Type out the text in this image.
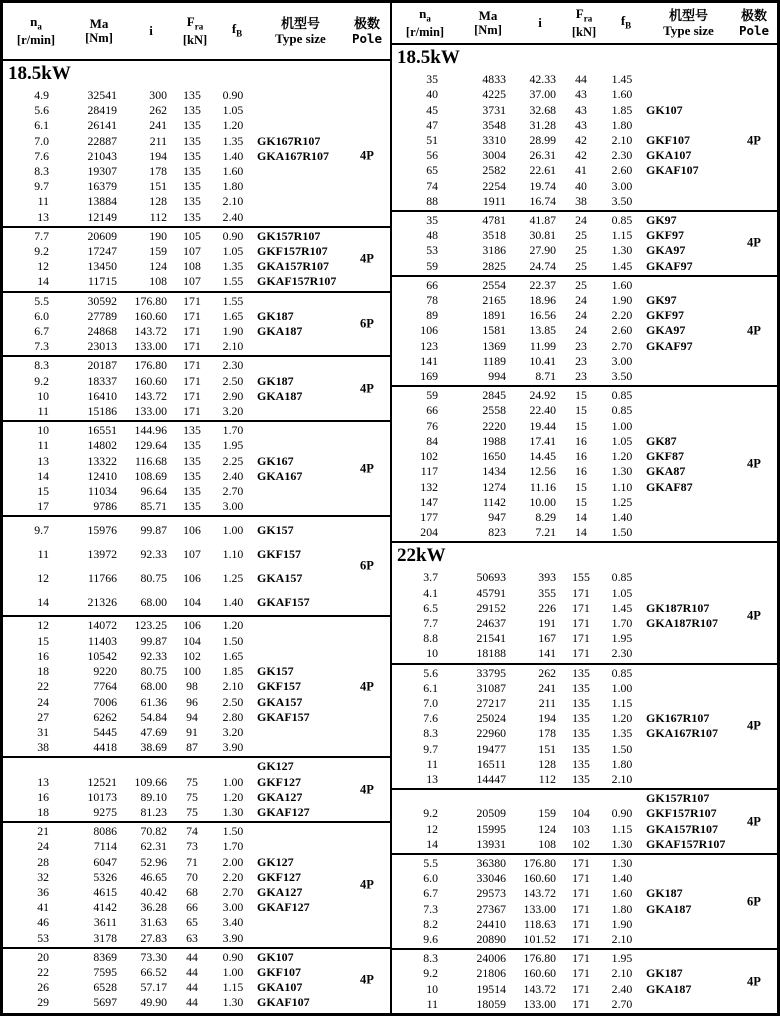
$n_a$
[r/min]
Ma
[Nm]	i
$F_{ra}$
[kN]
$f_B$
机型号
Type size
极数
Pole
18.5kW
4.9	32541	300	135	0.90
5.6	28419	262	135	1.05
6.1	26141	241	135	1.20
7.0	22887	211	135	1.35	GK167R107
7.6	21043	194	135	1.40	GKA167R107
8.3	19307	178	135	1.60
9.7	16379	151	135	1.80
11	13884	128	135	2.10
13	12149	112	135	2.40
4P
7.7	20609	190	105	0.90	GK157R107
9.2	17247	159	107	1.05	GKF157R107
12	13450	124	108	1.35	GKA157R107
14	11715	108	107	1.55	GKAF157R107
4P
5.5	30592	176.80	171	1.55
6.0	27789	160.60	171	1.65	GK187
6.7	24868	143.72	171	1.90	GKA187
7.3	23013	133.00	171	2.10
6P
8.3	20187	176.80	171	2.30
9.2	18337	160.60	171	2.50	GK187
10	16410	143.72	171	2.90	GKA187
11	15186	133.00	171	3.20
4P
10	16551	144.96	135	1.70
11	14802	129.64	135	1.95
13	13322	116.68	135	2.25	GK167
14	12410	108.69	135	2.40	GKA167
15	11034	96.64	135	2.70
17	9786	85.71	135	3.00
4P
9.7	15976	99.87	106	1.00	GK157
11	13972	92.33	107	1.10	GKF157
12	11766	80.75	106	1.25	GKA157
14	21326	68.00	104	1.40	GKAF157
6P
12	14072	123.25	106	1.20
15	11403	99.87	104	1.50
16	10542	92.33	102	1.65
18	9220	80.75	100	1.85	GK157
22	7764	68.00	98	2.10	GKF157
24	7006	61.36	96	2.50	GKA157
27	6262	54.84	94	2.80	GKAF157
31	5445	47.69	91	3.20
38	4418	38.69	87	3.90
4P
GK127
13	12521	109.66	75	1.00	GKF127
16	10173	89.10	75	1.20	GKA127
18	9275	81.23	75	1.30	GKAF127
4P
21	8086	70.82	74	1.50
24	7114	62.31	73	1.70
28	6047	52.96	71	2.00	GK127
32	5326	46.65	70	2.20	GKF127
36	4615	40.42	68	2.70	GKA127
41	4142	36.28	66	3.00	GKAF127
46	3611	31.63	65	3.40
53	3178	27.83	63	3.90
4P
20	8369	73.30	44	0.90	GK107
22	7595	66.52	44	1.00	GKF107
26	6528	57.17	44	1.15	GKA107
29	5697	49.90	44	1.30	GKAF107
4P
$n_a$
[r/min]
Ma
[Nm]	i
$F_{ra}$
[kN]
$f_B$
机型号
Type size
极数
Pole
18.5kW
35	4833	42.33	44	1.45
40	4225	37.00	43	1.60
45	3731	32.68	43	1.85	GK107
47	3548	31.28	43	1.80
51	3310	28.99	42	2.10	GKF107
56	3004	26.31	42	2.30	GKA107
65	2582	22.61	41	2.60	GKAF107
74	2254	19.74	40	3.00
88	1911	16.74	38	3.50
4P
35	4781	41.87	24	0.85	GK97
48	3518	30.81	25	1.15	GKF97
53	3186	27.90	25	1.30	GKA97
59	2825	24.74	25	1.45	GKAF97
4P
66	2554	22.37	25	1.60
78	2165	18.96	24	1.90	GK97
89	1891	16.56	24	2.20	GKF97
106	1581	13.85	24	2.60	GKA97
123	1369	11.99	23	2.70	GKAF97
141	1189	10.41	23	3.00
169	994	8.71	23	3.50
4P
59	2845	24.92	15	0.85
66	2558	22.40	15	0.85
76	2220	19.44	15	1.00
84	1988	17.41	16	1.05	GK87
102	1650	14.45	16	1.20	GKF87
117	1434	12.56	16	1.30	GKA87
132	1274	11.16	15	1.10	GKAF87
147	1142	10.00	15	1.25
177	947	8.29	14	1.40
204	823	7.21	14	1.50
4P
22kW
3.7	50693	393	155	0.85
4.1	45791	355	171	1.05
6.5	29152	226	171	1.45	GK187R107
7.7	24637	191	171	1.70	GKA187R107
8.8	21541	167	171	1.95
10	18188	141	171	2.30
4P
5.6	33795	262	135	0.85
6.1	31087	241	135	1.00
7.0	27217	211	135	1.15
7.6	25024	194	135	1.20	GK167R107
8.3	22960	178	135	1.35	GKA167R107
9.7	19477	151	135	1.50
11	16511	128	135	1.80
13	14447	112	135	2.10
4P
GK157R107
9.2	20509	159	104	0.90	GKF157R107
12	15995	124	103	1.15	GKA157R107
14	13931	108	102	1.30	GKAF157R107
4P
5.5	36380	176.80	171	1.30
6.0	33046	160.60	171	1.40
6.7	29573	143.72	171	1.60	GK187
7.3	27367	133.00	171	1.80	GKA187
8.2	24410	118.63	171	1.90
9.6	20890	101.52	171	2.10
6P
8.3	24006	176.80	171	1.95
9.2	21806	160.60	171	2.10	GK187
10	19514	143.72	171	2.40	GKA187
11	18059	133.00	171	2.70
4P
